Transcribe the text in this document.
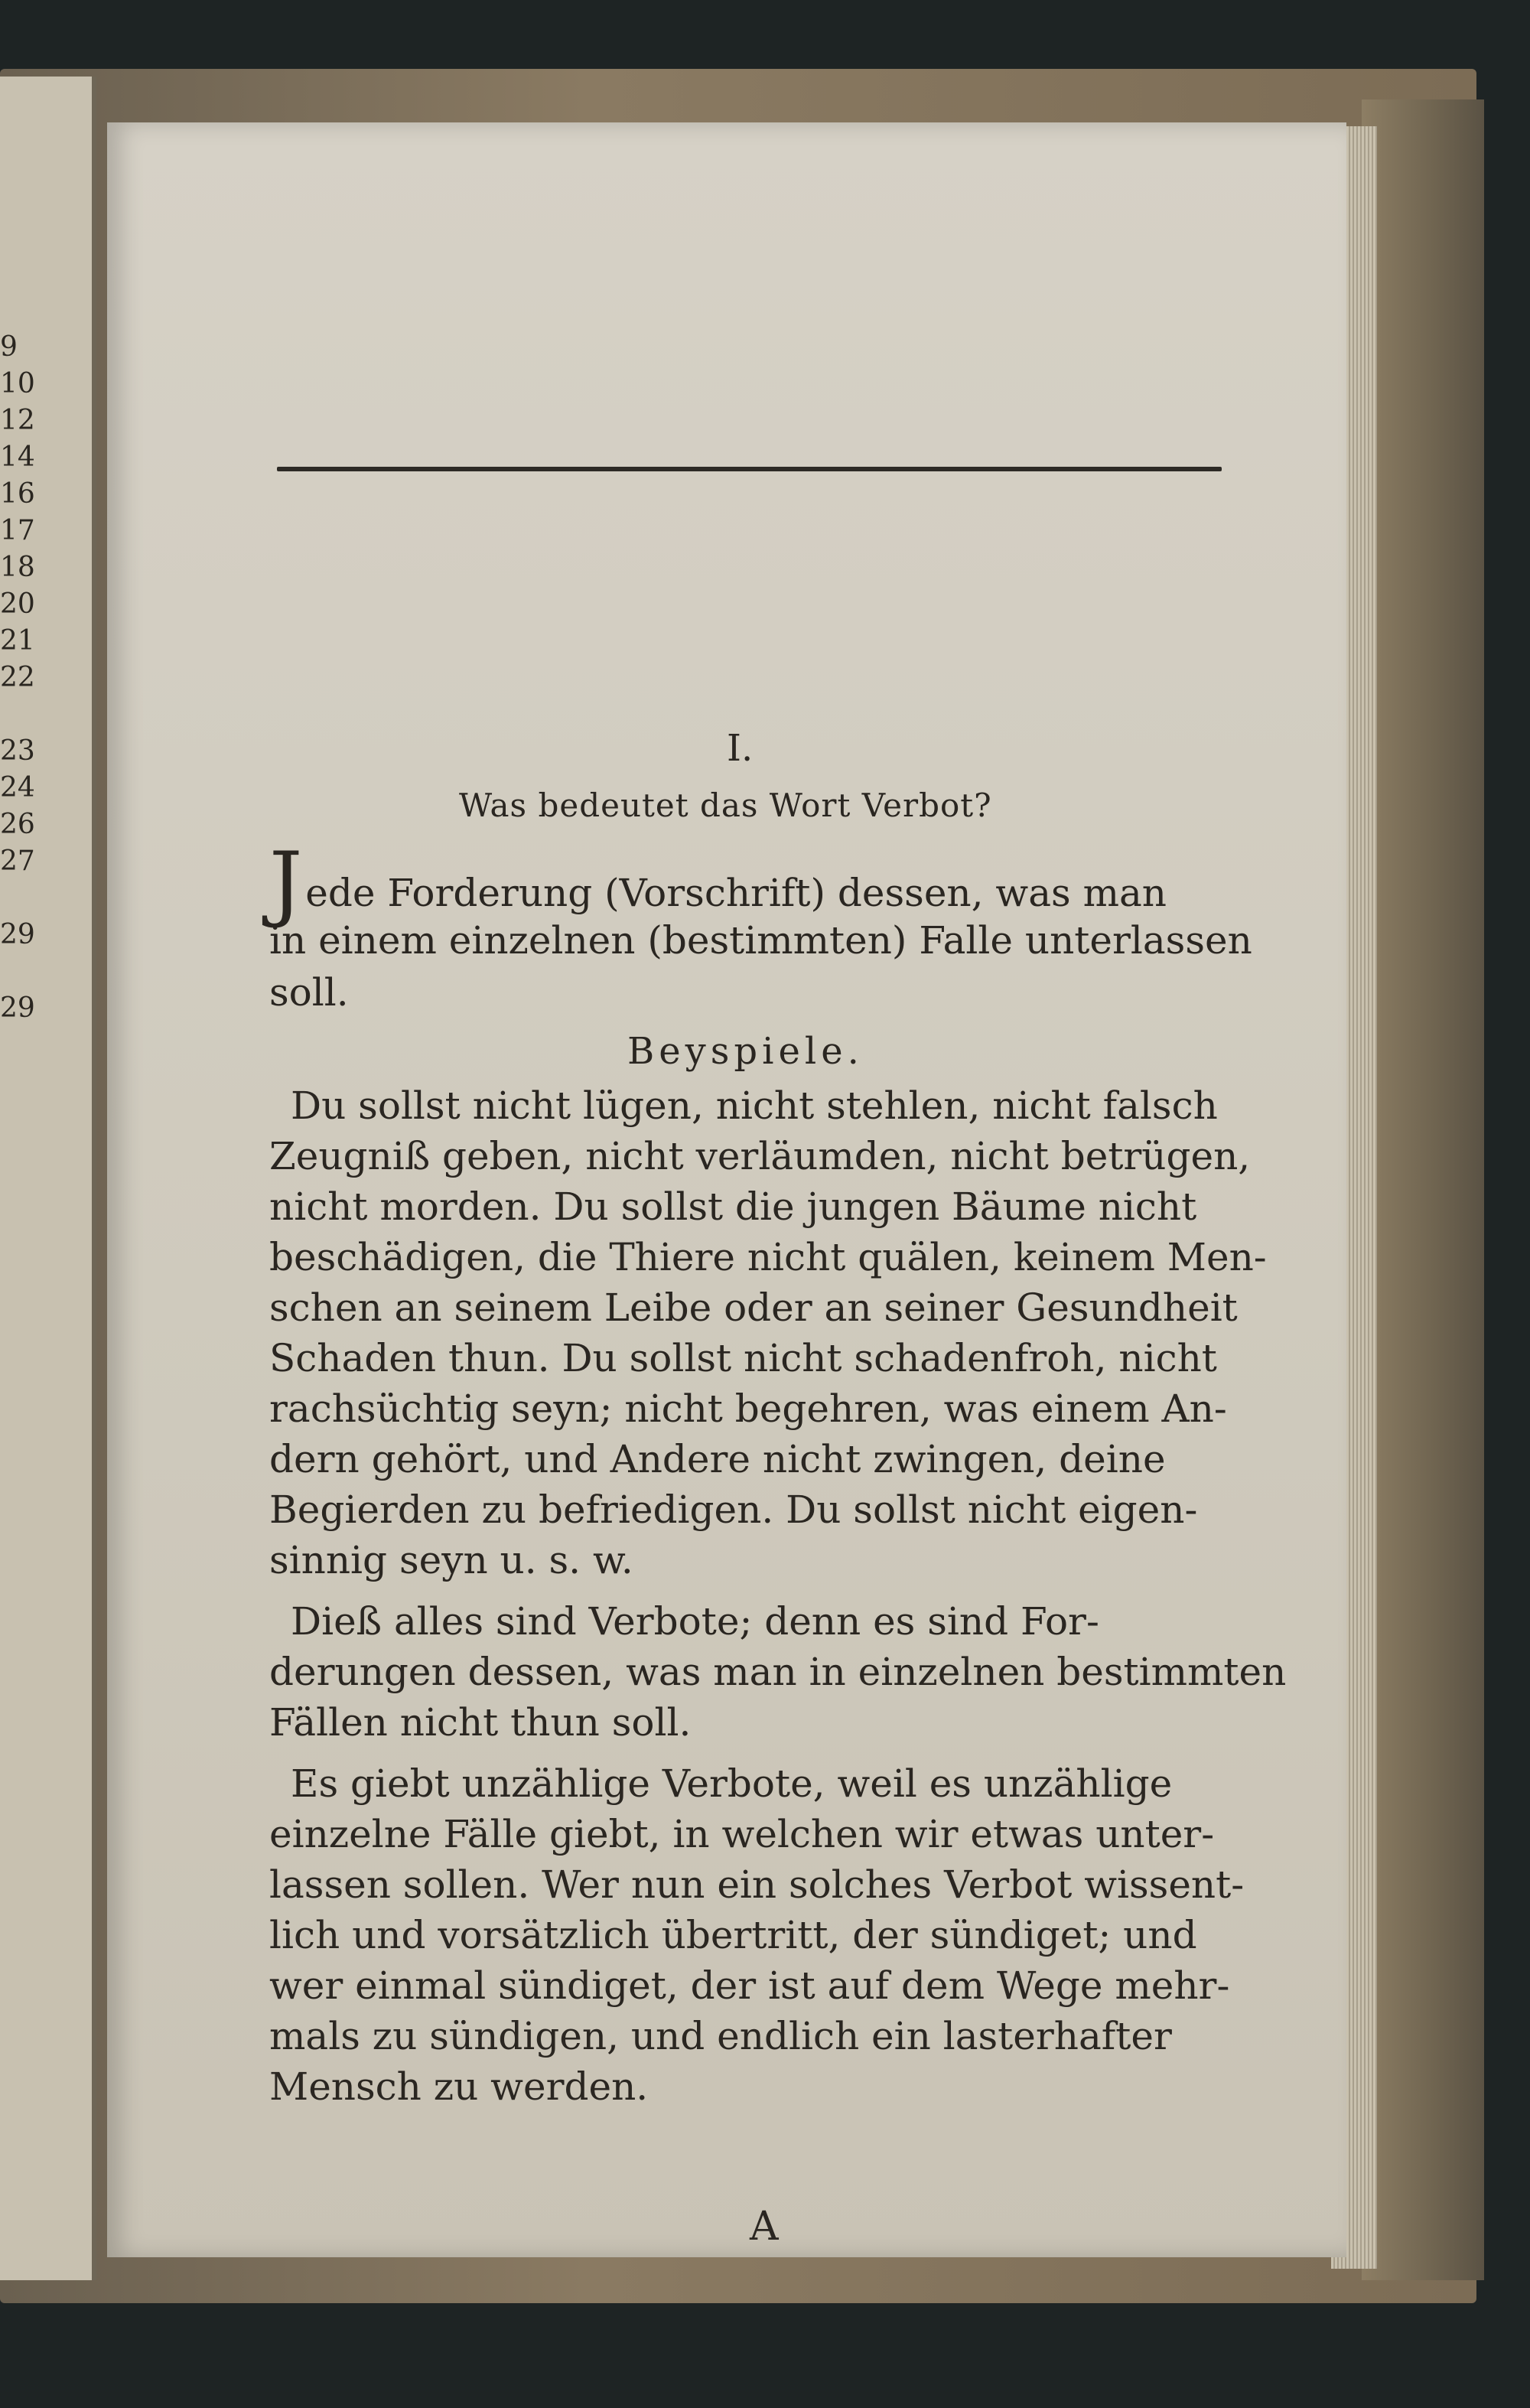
9
10
12
14
16
17
18
20
21
22

23
24
26
27

29

29
I.
Was bedeutet das Wort Verbot?
Jede Forderung (Vorschrift) dessen, was man
in einem einzelnen (bestimmten) Falle unterlassen
soll.
Beyspiele.
Du sollst nicht lügen, nicht stehlen, nicht falsch
Zeugniß geben, nicht verläumden, nicht betrügen,
nicht morden. Du sollst die jungen Bäume nicht
beschädigen, die Thiere nicht quälen, keinem Men-
schen an seinem Leibe oder an seiner Gesundheit
Schaden thun. Du sollst nicht schadenfroh, nicht
rachsüchtig seyn; nicht begehren, was einem An-
dern gehört, und Andere nicht zwingen, deine
Begierden zu befriedigen. Du sollst nicht eigen-
sinnig seyn u. s. w.
Dieß alles sind Verbote; denn es sind For-
derungen dessen, was man in einzelnen bestimmten
Fällen nicht thun soll.
Es giebt unzählige Verbote, weil es unzählige
einzelne Fälle giebt, in welchen wir etwas unter-
lassen sollen. Wer nun ein solches Verbot wissent-
lich und vorsätzlich übertritt, der sündiget; und
wer einmal sündiget, der ist auf dem Wege mehr-
mals zu sündigen, und endlich ein lasterhafter
Mensch zu werden.
A
